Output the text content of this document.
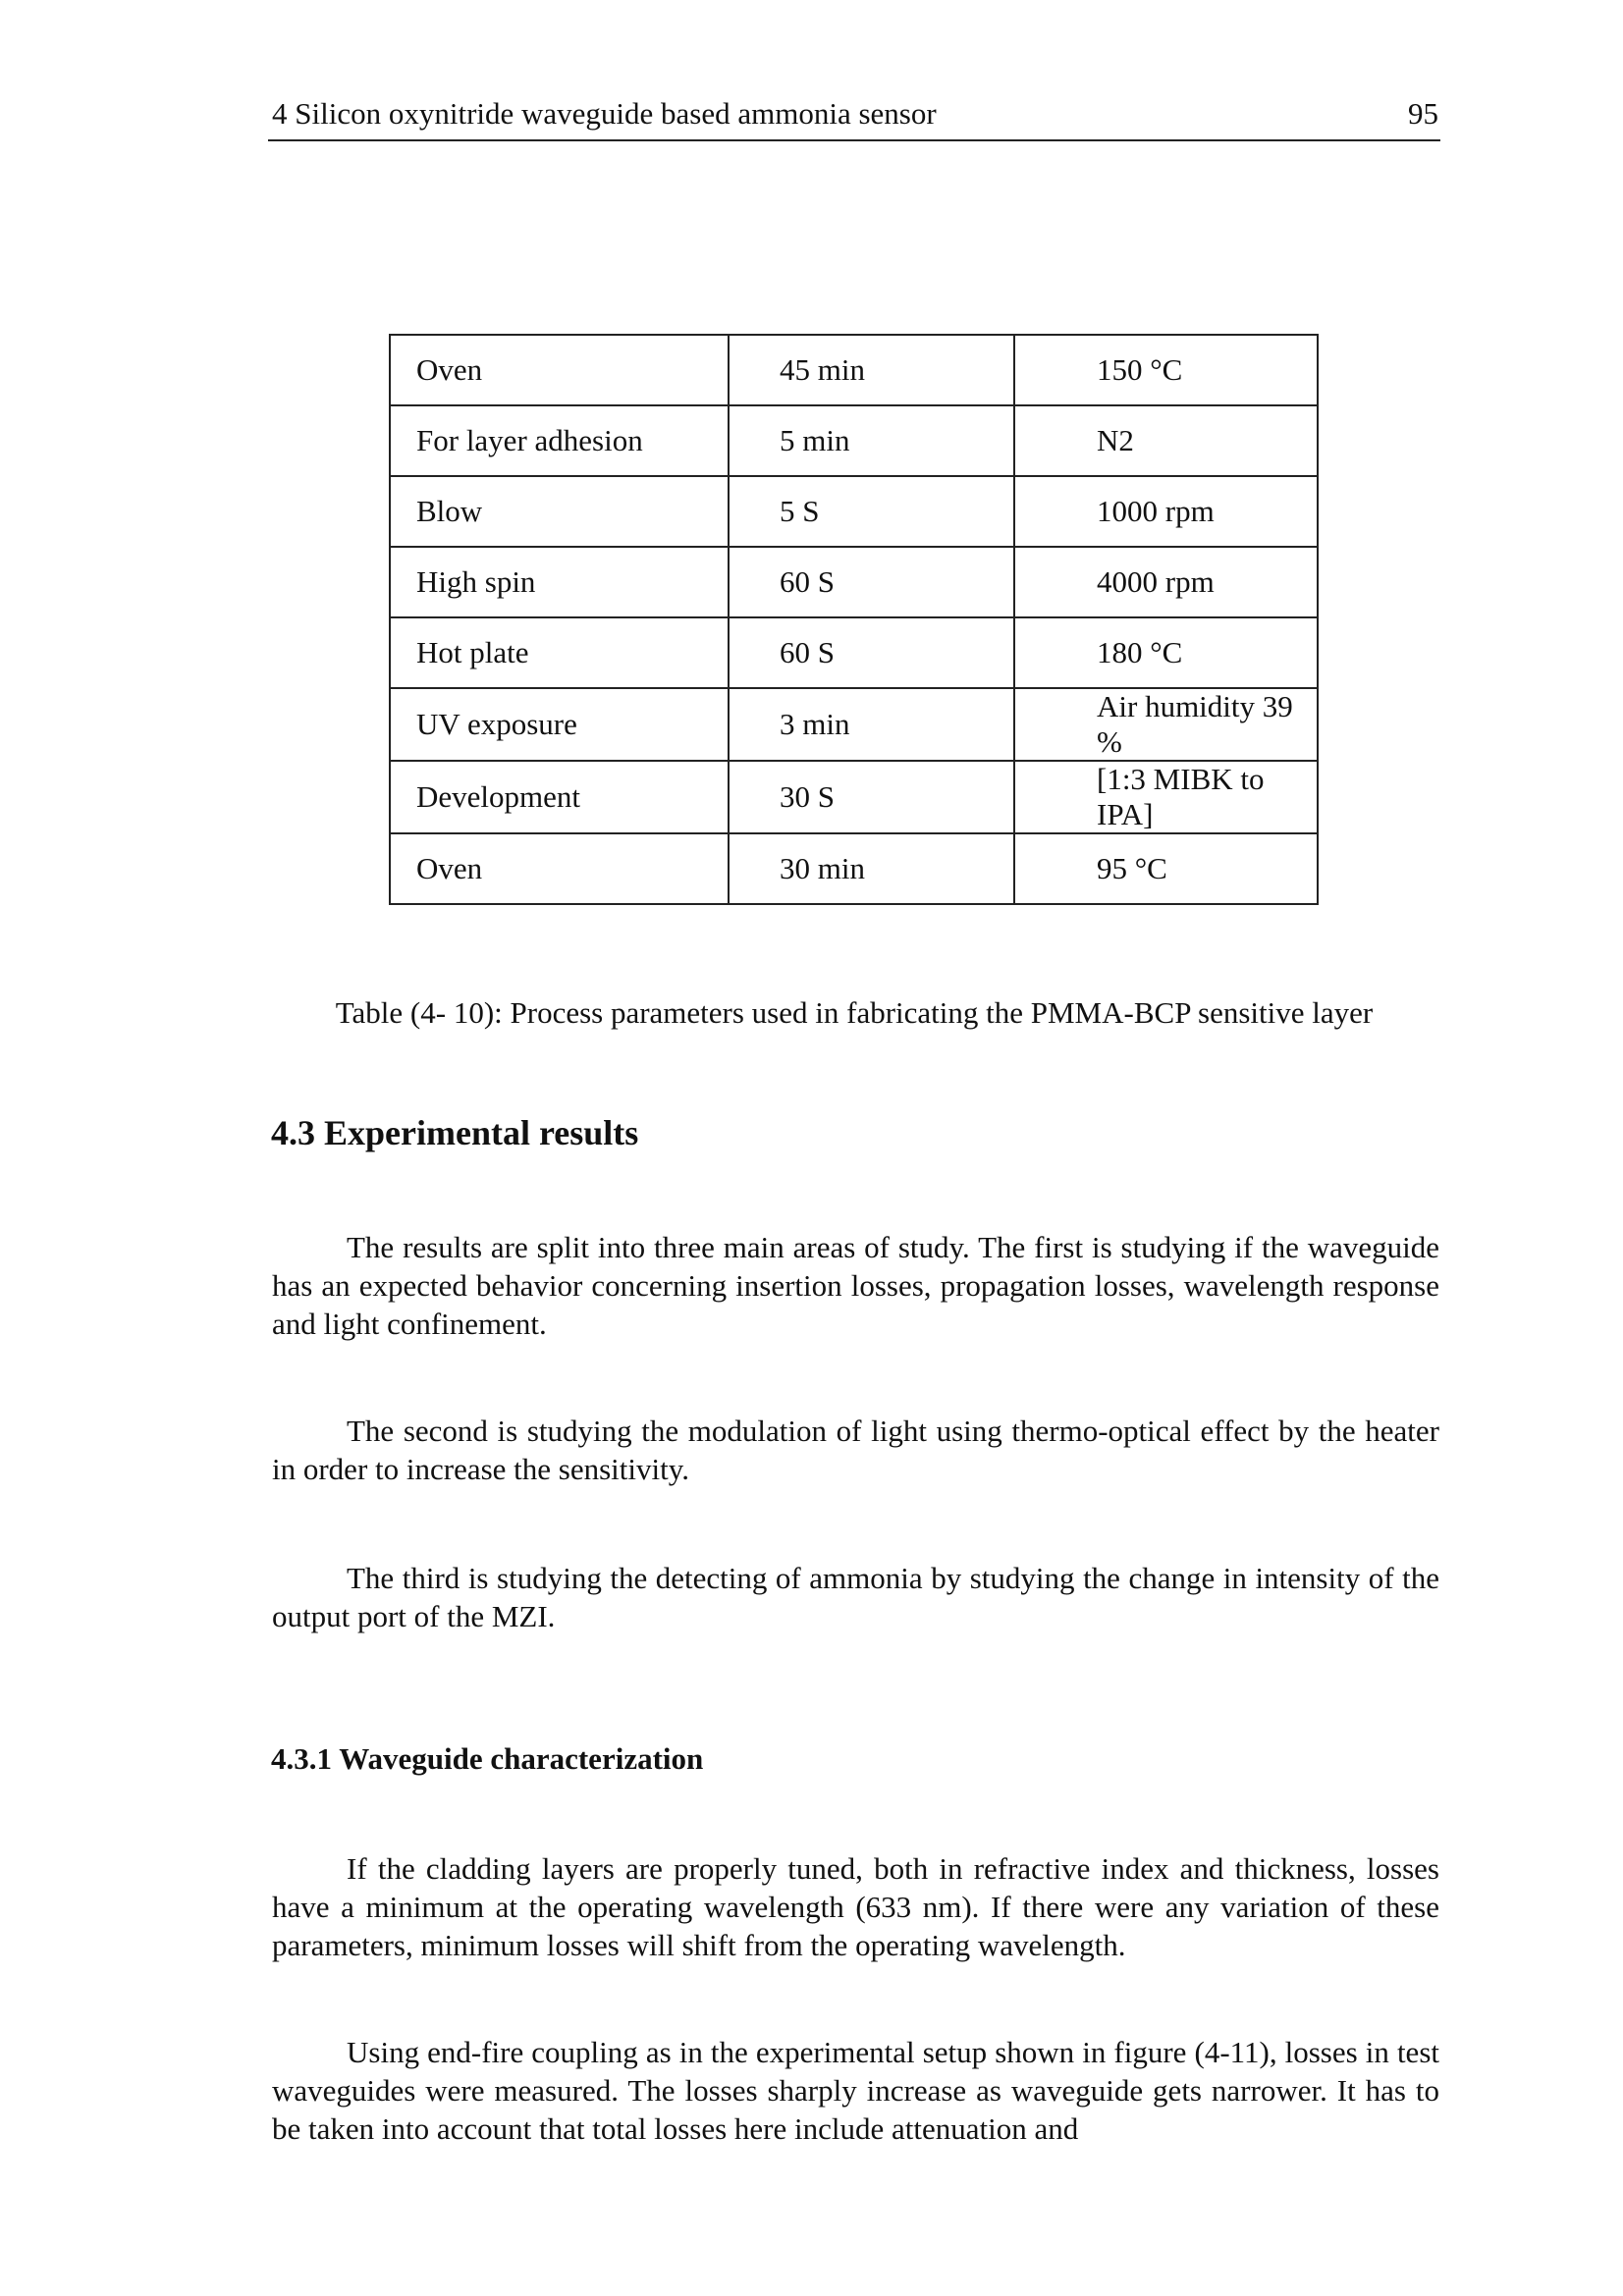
4 Silicon oxynitride waveguide based ammonia sensor	95
Oven	45 min	150 °C
For layer adhesion	5 min	N2
Blow	5 S	1000 rpm
High spin	60 S	4000 rpm
Hot plate	60 S	180 °C
UV exposure	3 min	Air humidity 39 %
Development	30 S	[1:3 MIBK to IPA]
Oven	30 min	95 °C
Table (4- 10): Process parameters used in fabricating the PMMA-BCP sensitive layer
4.3 Experimental results

The results are split into three main areas of study. The first is studying if the waveguide has an expected behavior concerning insertion losses, propagation losses, wavelength response and light confinement.

The second is studying the modulation of light using thermo-optical effect by the heater in order to increase the sensitivity.

The third is studying the detecting of ammonia by studying the change in intensity of the output port of the MZI.

4.3.1 Waveguide characterization

If the cladding layers are properly tuned, both in refractive index and thickness, losses have a minimum at the operating wavelength (633 nm). If there were any variation of these parameters, minimum losses will shift from the operating wavelength.

Using end-fire coupling as in the experimental setup shown in figure (4-11), losses in test waveguides were measured. The losses sharply increase as waveguide gets narrower. It has to be taken into account that total losses here include attenuation and
